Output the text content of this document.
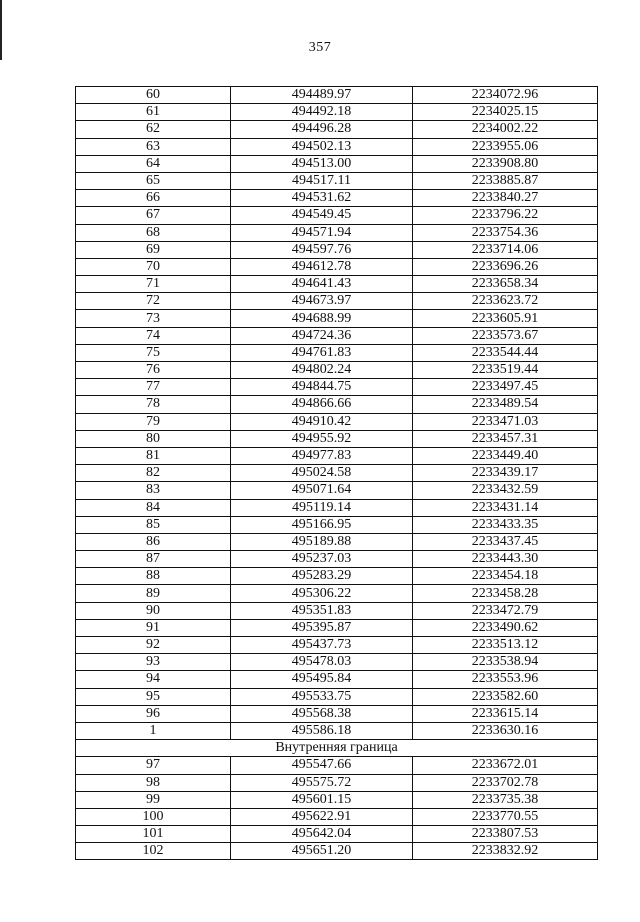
357
60	494489.97	2234072.96
61	494492.18	2234025.15
62	494496.28	2234002.22
63	494502.13	2233955.06
64	494513.00	2233908.80
65	494517.11	2233885.87
66	494531.62	2233840.27
67	494549.45	2233796.22
68	494571.94	2233754.36
69	494597.76	2233714.06
70	494612.78	2233696.26
71	494641.43	2233658.34
72	494673.97	2233623.72
73	494688.99	2233605.91
74	494724.36	2233573.67
75	494761.83	2233544.44
76	494802.24	2233519.44
77	494844.75	2233497.45
78	494866.66	2233489.54
79	494910.42	2233471.03
80	494955.92	2233457.31
81	494977.83	2233449.40
82	495024.58	2233439.17
83	495071.64	2233432.59
84	495119.14	2233431.14
85	495166.95	2233433.35
86	495189.88	2233437.45
87	495237.03	2233443.30
88	495283.29	2233454.18
89	495306.22	2233458.28
90	495351.83	2233472.79
91	495395.87	2233490.62
92	495437.73	2233513.12
93	495478.03	2233538.94
94	495495.84	2233553.96
95	495533.75	2233582.60
96	495568.38	2233615.14
1	495586.18	2233630.16
Внутренняя граница		
97	495547.66	2233672.01
98	495575.72	2233702.78
99	495601.15	2233735.38
100	495622.91	2233770.55
101	495642.04	2233807.53
102	495651.20	2233832.92
